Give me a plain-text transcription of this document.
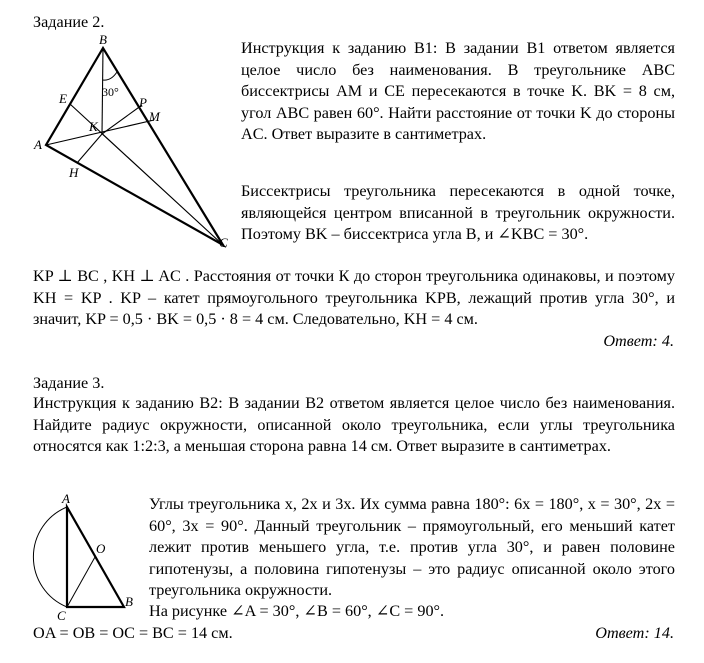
Задание 2.
B
A
C
E
K
P
M
H
30°
Инструкция к заданию B1: В задании B1 ответом является целое число без наименования. В треугольнике ABC биссектрисы AM и CE пересекаются в точке K. BK = 8 см, угол ABC равен 60°. Найти расстояние от точки K до стороны AC. Ответ выразите в сантиметрах.
Биссектрисы треугольника пересекаются в одной точке, являющейся центром вписанной в треугольник окружности. Поэтому BK – биссектриса угла B, и ∠KBC = 30°.
KP ⊥ BC , KH ⊥ AC . Расстояния от точки К до сторон треугольника одинаковы, и поэтому KH = KP . KP – катет прямоугольного треугольника KPB, лежащий против угла 30°, и значит, KP = 0,5 · BK = 0,5 · 8 = 4 см. Следовательно, KH = 4 см.
Ответ: 4.
Задание 3.
Инструкция к заданию B2: В задании B2 ответом является целое число без наименования. Найдите радиус окружности, описанной около треугольника, если углы треугольника относятся как 1:2:3, а меньшая сторона равна 14 см. Ответ выразите в сантиметрах.
A
O
C
B
Углы треугольника x, 2x и 3x. Их сумма равна 180°: 6x = 180°, x = 30°, 2x = 60°, 3x = 90°. Данный треугольник – прямоугольный, его меньший катет лежит против меньшего угла, т.е. против угла 30°, и равен половине гипотенузы, а половина гипотенузы – это радиус описанной около этого треугольника окружности.
На рисунке ∠A = 30°, ∠B = 60°, ∠C = 90°.
OA = OB = OC = BC = 14 см.	Ответ: 14.
